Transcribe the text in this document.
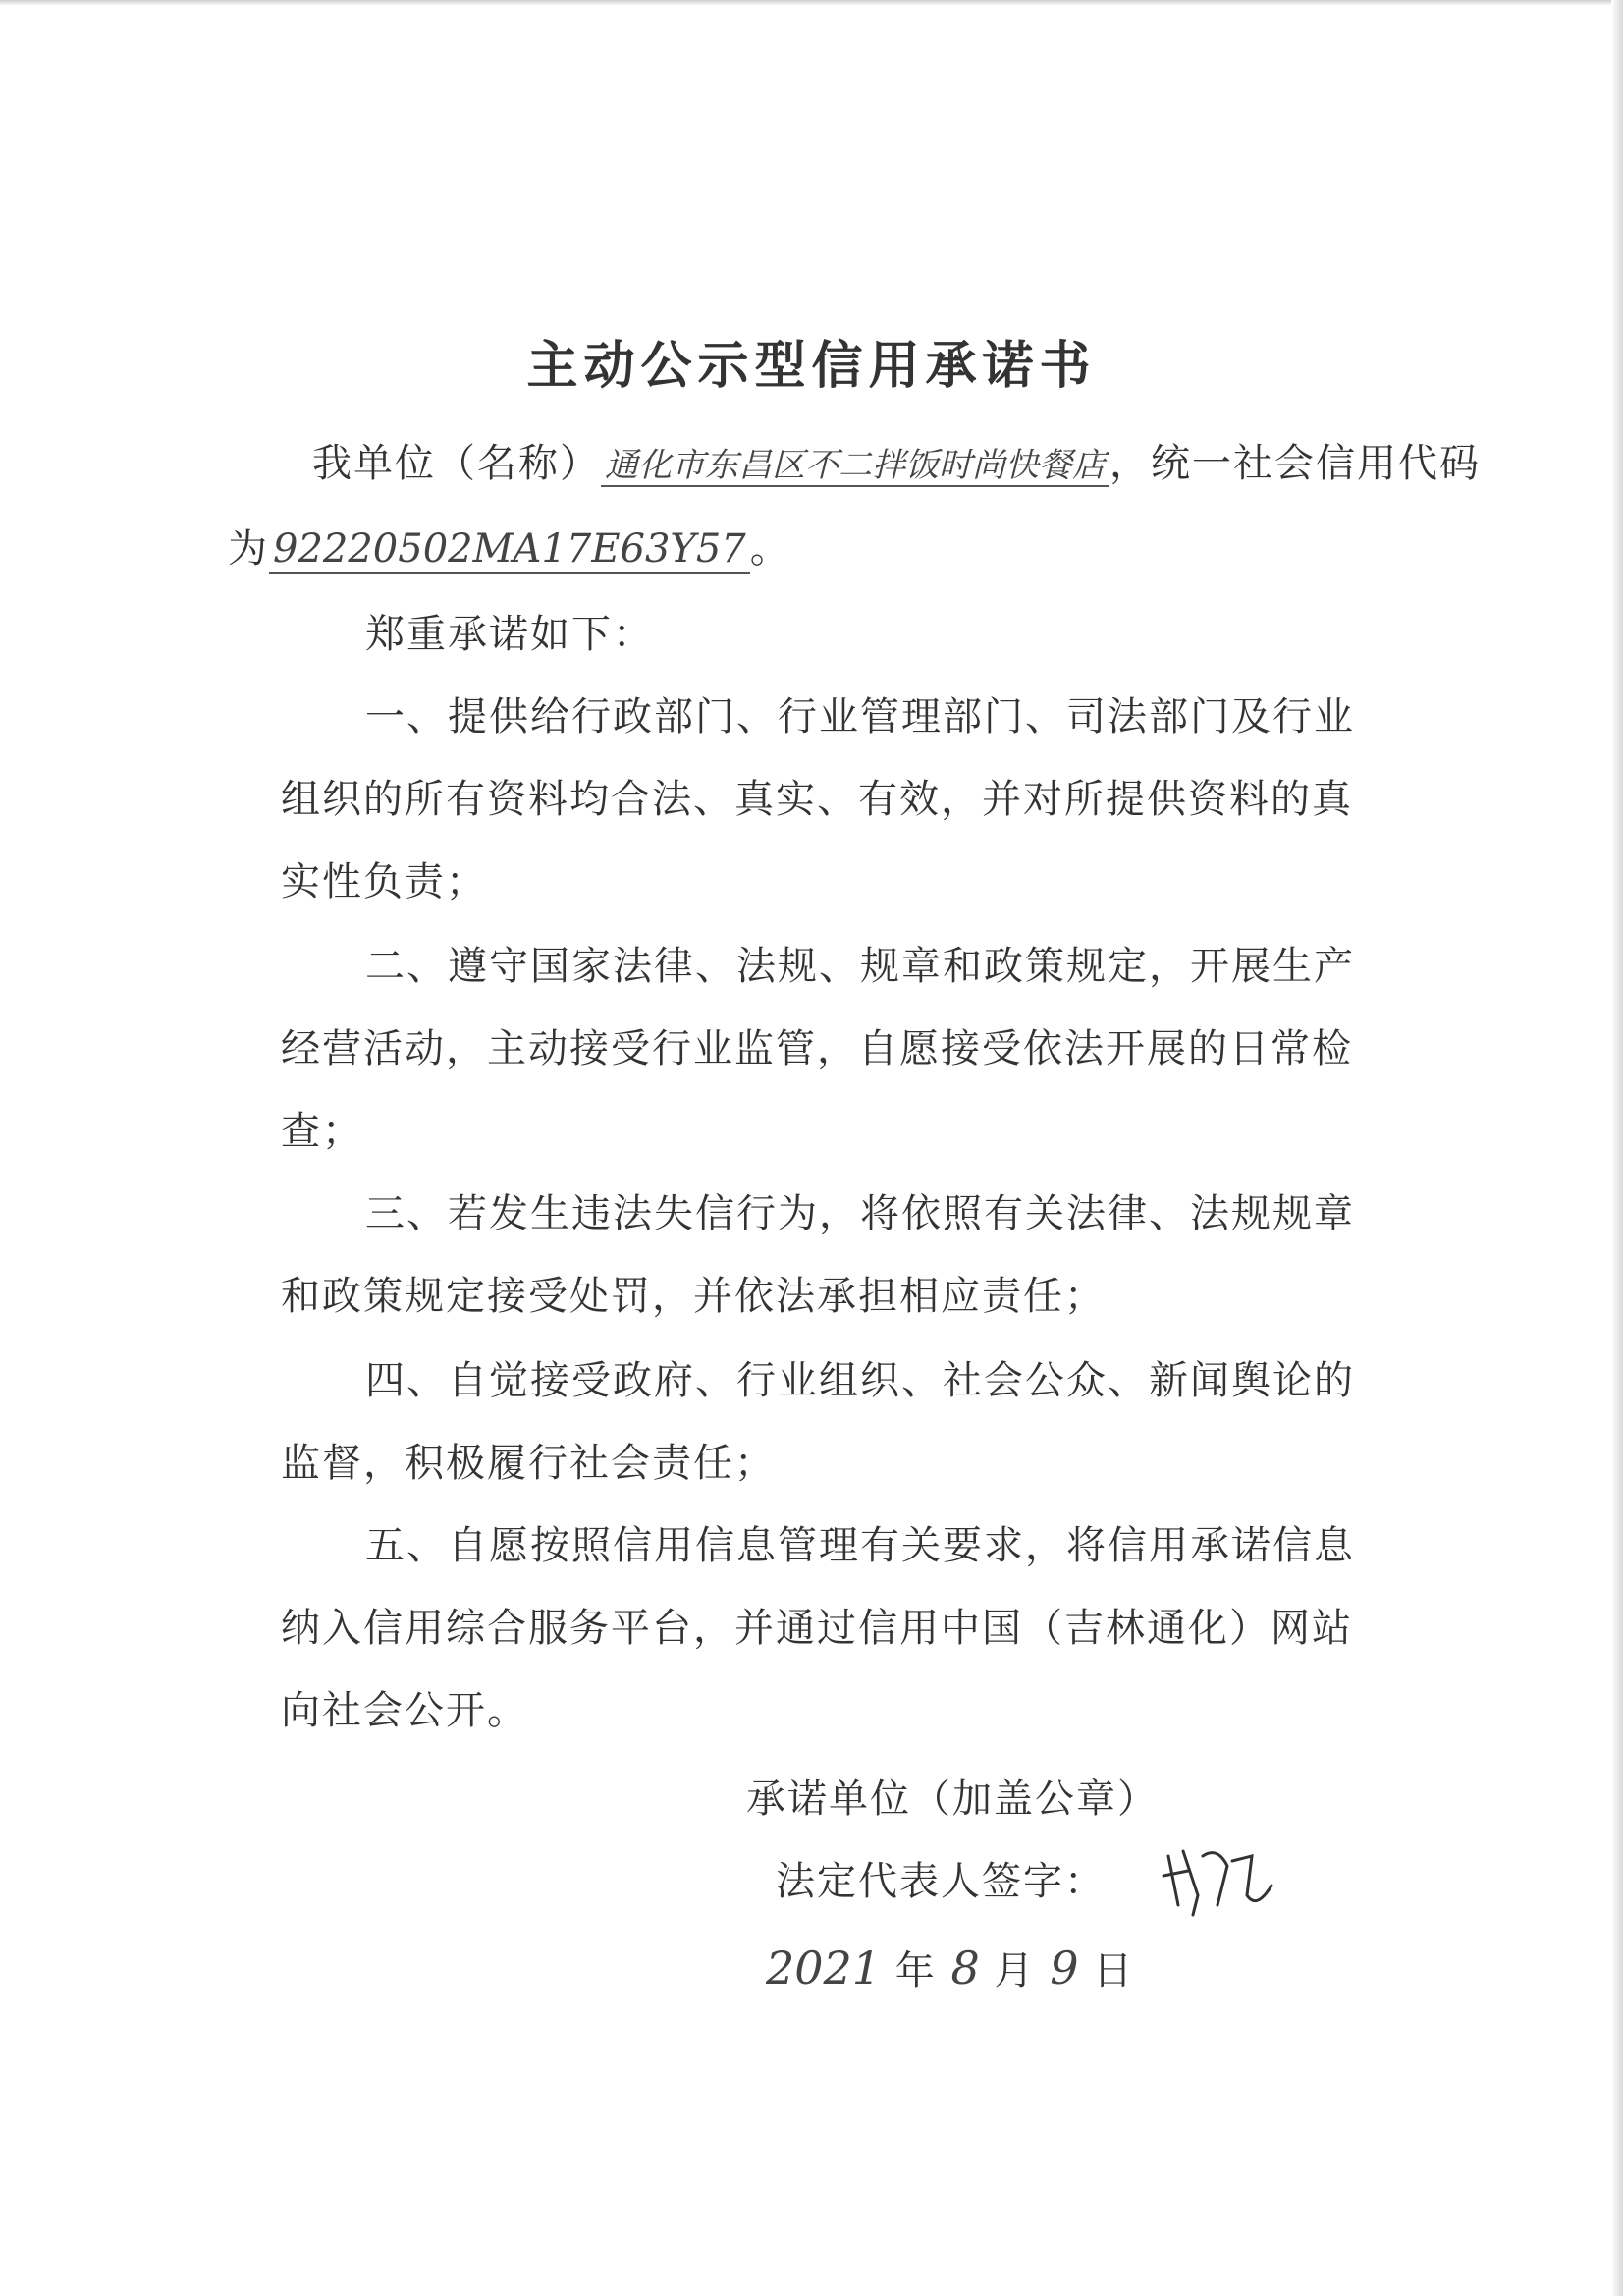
主动公示型信用承诺书
我单位（名称） 通化市东昌区不二拌饭时尚快餐店 ，统一社会信用代码
为 92220502MA17E63Y57 。
郑重承诺如下：
一、提供给行政部门、行业管理部门、司法部门及行业
组织的所有资料均合法、真实、有效，并对所提供资料的真
实性负责；
二、遵守国家法律、法规、规章和政策规定，开展生产
经营活动，主动接受行业监管，自愿接受依法开展的日常检
查；
三、若发生违法失信行为，将依照有关法律、法规规章
和政策规定接受处罚，并依法承担相应责任；
四、自觉接受政府、行业组织、社会公众、新闻舆论的
监督，积极履行社会责任；
五、自愿按照信用信息管理有关要求，将信用承诺信息
纳入信用综合服务平台，并通过信用中国（吉林通化）网站
向社会公开。
承诺单位（加盖公章）
法定代表人签字：
2021 年 8 月 9 日
